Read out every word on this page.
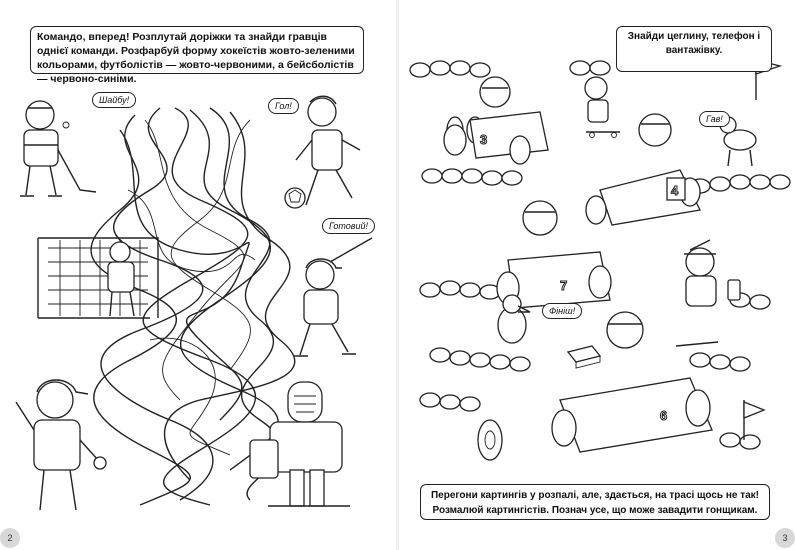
3
4
7
6
Командо, вперед! Розплутай доріжки та знайди гравців однієї команди. Розфарбуй форму хокеїстів жовто-зеленими кольорами, футболістів — жовто-червоними, а бейсболістів — червоно-синіми.
Знайди цеглину, телефон і вантажівку.
Перегони картингів у розпалі, але, здається, на трасі щось не так! Розмалюй картингістів. Познач усе, що може завадити гонщикам.
Шайбу!
Гол!
Готовий!
Гав!
Фініш!
2	3
